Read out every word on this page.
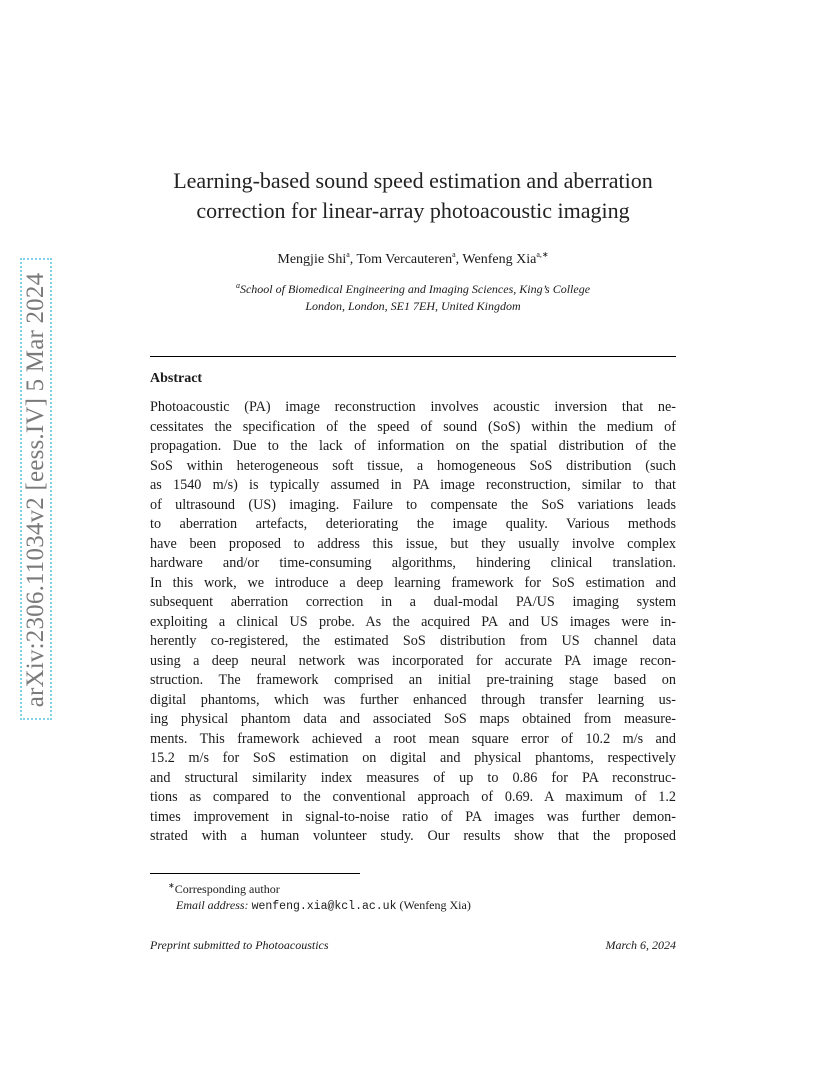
arXiv:2306.11034v2 [eess.IV] 5 Mar 2024
Learning-based sound speed estimation and aberration
correction for linear-array photoacoustic imaging
Mengjie Shi$^a$, Tom Vercauteren$^a$, Wenfeng Xia$^{a,∗}$
$^a$School of Biomedical Engineering and Imaging Sciences, King’s College
London, London, SE1 7EH, United Kingdom
Abstract
Photoacoustic (PA) image reconstruction involves acoustic inversion that ne-
cessitates the specification of the speed of sound (SoS) within the medium of
propagation. Due to the lack of information on the spatial distribution of the
SoS within heterogeneous soft tissue, a homogeneous SoS distribution (such
as 1540 m/s) is typically assumed in PA image reconstruction, similar to that
of ultrasound (US) imaging. Failure to compensate the SoS variations leads
to aberration artefacts, deteriorating the image quality. Various methods
have been proposed to address this issue, but they usually involve complex
hardware and/or time-consuming algorithms, hindering clinical translation.
In this work, we introduce a deep learning framework for SoS estimation and
subsequent aberration correction in a dual-modal PA/US imaging system
exploiting a clinical US probe. As the acquired PA and US images were in-
herently co-registered, the estimated SoS distribution from US channel data
using a deep neural network was incorporated for accurate PA image recon-
struction. The framework comprised an initial pre-training stage based on
digital phantoms, which was further enhanced through transfer learning us-
ing physical phantom data and associated SoS maps obtained from measure-
ments. This framework achieved a root mean square error of 10.2 m/s and
15.2 m/s for SoS estimation on digital and physical phantoms, respectively
and structural similarity index measures of up to 0.86 for PA reconstruc-
tions as compared to the conventional approach of 0.69. A maximum of 1.2
times improvement in signal-to-noise ratio of PA images was further demon-
strated with a human volunteer study. Our results show that the proposed
∗Corresponding author
Email address: wenfeng.xia@kcl.ac.uk (Wenfeng Xia)
Preprint submitted to Photoacoustics	March 6, 2024
